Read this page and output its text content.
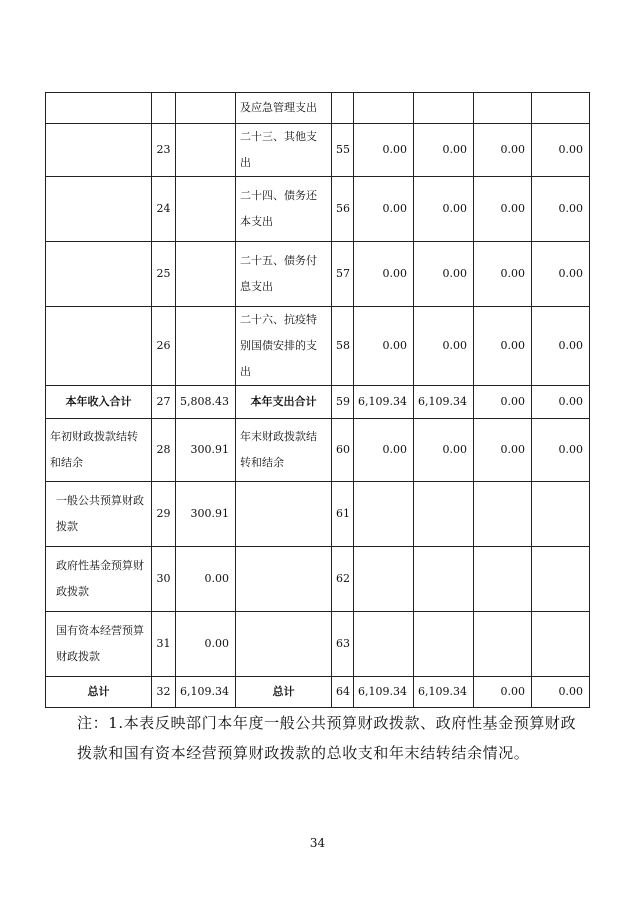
			及应急管理支出					
	23		二十三、其他支出	55	0.00	0.00	0.00	0.00
	24		二十四、债务还本支出	56	0.00	0.00	0.00	0.00
	25		二十五、债务付息支出	57	0.00	0.00	0.00	0.00
	26		二十六、抗疫特别国债安排的支出	58	0.00	0.00	0.00	0.00
本年收入合计	27	5,808.43	本年支出合计	59	6,109.34	6,109.34	0.00	0.00
年初财政拨款结转和结余	28	300.91	年末财政拨款结转和结余	60	0.00	0.00	0.00	0.00
一般公共预算财政拨款	29	300.91		61				
政府性基金预算财政拨款	30	0.00		62				
国有资本经营预算财政拨款	31	0.00		63				
总计	32	6,109.34	总计	64	6,109.34	6,109.34	0.00	0.00
注：1.本表反映部门本年度一般公共预算财政拨款、政府性基金预算财政拨款和国有资本经营预算财政拨款的总收支和年末结转结余情况。
34
